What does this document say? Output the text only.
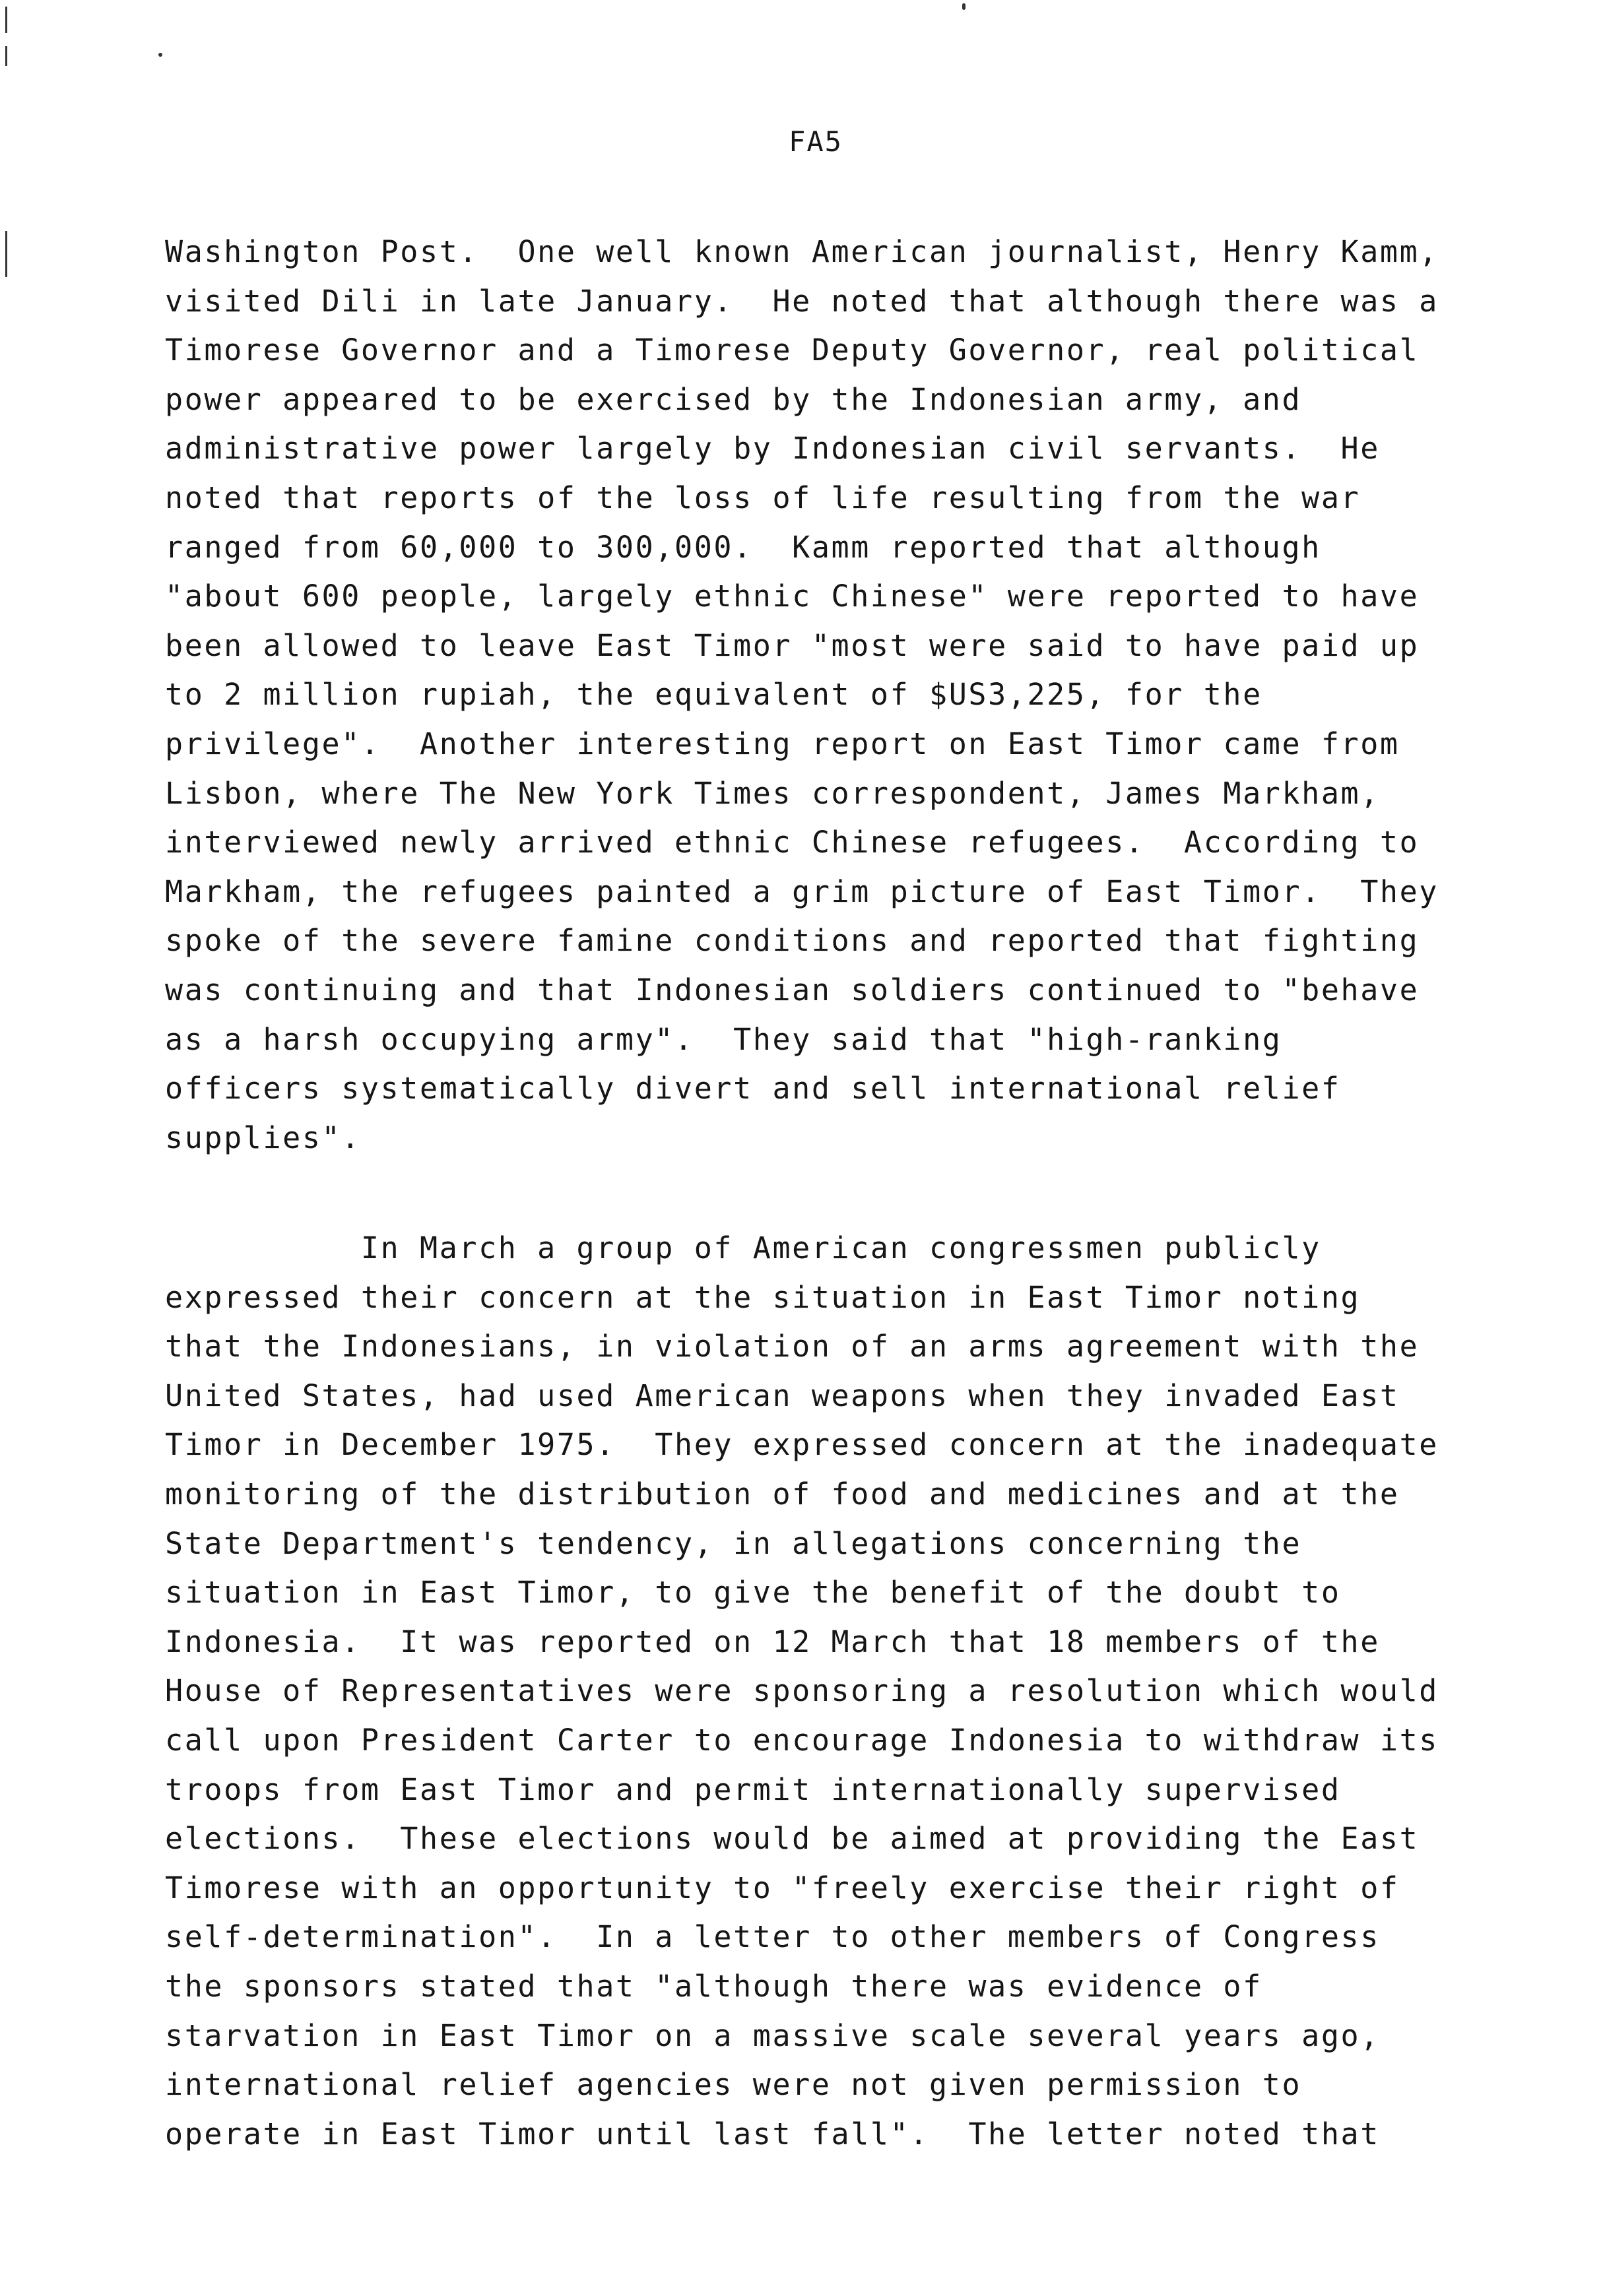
FA5
Washington Post.  One well known American journalist, Henry Kamm,
visited Dili in late January.  He noted that although there was a
Timorese Governor and a Timorese Deputy Governor, real political
power appeared to be exercised by the Indonesian army, and
administrative power largely by Indonesian civil servants.  He
noted that reports of the loss of life resulting from the war
ranged from 60,000 to 300,000.  Kamm reported that although
"about 600 people, largely ethnic Chinese" were reported to have
been allowed to leave East Timor "most were said to have paid up
to 2 million rupiah, the equivalent of $US3,225, for the
privilege".  Another interesting report on East Timor came from
Lisbon, where The New York Times correspondent, James Markham,
interviewed newly arrived ethnic Chinese refugees.  According to
Markham, the refugees painted a grim picture of East Timor.  They
spoke of the severe famine conditions and reported that fighting
was continuing and that Indonesian soldiers continued to "behave
as a harsh occupying army".  They said that "high-ranking
officers systematically divert and sell international relief
supplies".
In March a group of American congressmen publicly
expressed their concern at the situation in East Timor noting
that the Indonesians, in violation of an arms agreement with the
United States, had used American weapons when they invaded East
Timor in December 1975.  They expressed concern at the inadequate
monitoring of the distribution of food and medicines and at the
State Department's tendency, in allegations concerning the
situation in East Timor, to give the benefit of the doubt to
Indonesia.  It was reported on 12 March that 18 members of the
House of Representatives were sponsoring a resolution which would
call upon President Carter to encourage Indonesia to withdraw its
troops from East Timor and permit internationally supervised
elections.  These elections would be aimed at providing the East
Timorese with an opportunity to "freely exercise their right of
self-determination".  In a letter to other members of Congress
the sponsors stated that "although there was evidence of
starvation in East Timor on a massive scale several years ago,
international relief agencies were not given permission to
operate in East Timor until last fall".  The letter noted that
